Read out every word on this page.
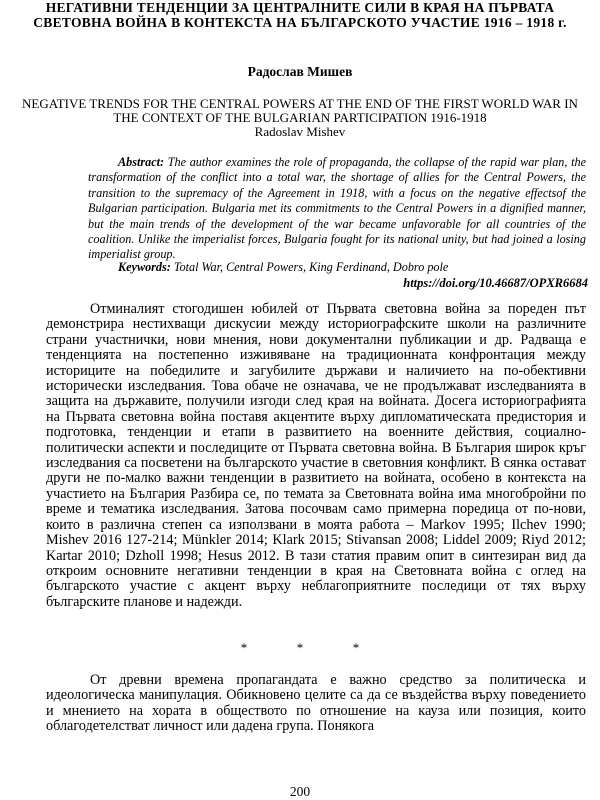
НЕГАТИВНИ ТЕНДЕНЦИИ ЗА ЦЕНТРАЛНИТЕ СИЛИ В КРАЯ НА ПЪРВАТА СВЕТОВНА ВОЙНА В КОНТЕКСТА НА БЪЛГАРСКОТО УЧАСТИЕ 1916 – 1918 г.
Радослав Мишев
NEGATIVE TRENDS FOR THE CENTRAL POWERS AT THE END OF THE FIRST WORLD WAR IN THE CONTEXT OF THE BULGARIAN PARTICIPATION 1916-1918
Radoslav Mishev
Abstract: The author examines the role of propaganda, the collapse of the rapid war plan, the transformation of the conflict into a total war, the shortage of allies for the Central Powers, the transition to the supremacy of the Agreement in 1918, with a focus on the negative effectsof the Bulgarian participation. Bulgaria met its commitments to the Central Powers in a dignified manner, but the main trends of the development of the war became unfavorable for all countries of the coalition. Unlike the imperialist forces, Bulgaria fought for its national unity, but had joined a losing imperialist group.
Keywords: Total War, Central Powers, King Ferdinand, Dobro pole
https://doi.org/10.46687/OPXR6684

Отминалият стогодишен юбилей от Първата световна война за пореден път демонстрира нестихващи дискусии между историографските школи на различните страни участнички, нови мнения, нови документални публикации и др. Радваща е тенденцията на постепенно изживяване на традиционната конфронтация между историците на победилите и загубилите държави и наличието на по-обективни исторически изследвания. Това обаче не означава, че не продължават изследванията в защита на държавите, получили изгоди след края на войната. Досега историографията на Първата световна война поставя акцентите върху дипломатическата предистория и подготовка, тенденции и етапи в развитието на военните действия, социално-политически аспекти и последиците от Първата световна война. В България широк кръг изследвания са посветени на българското участие в световния конфликт. В сянка остават други не по-малко важни тенденции в развитието на войната, особено в контекста на участието на България Разбира се, по темата за Световната война има многобройни по време и тематика изследвания. Затова посочвам само примерна поредица от по-нови, които в различна степен са използвани в моята работа – Markov 1995; Ilchev 1990; Mishev 2016 127-214; Münkler 2014; Klark 2015; Stivansan 2008; Liddel 2009; Riyd 2012; Kartar 2010; Dzholl 1998; Hesus 2012. В тази статия правим опит в синтезиран вид да откроим основните негативни тенденции в края на Световната война с оглед на българското участие с акцент върху неблагоприятните последици от тях върху българските планове и надежди.

*	*	*

От древни времена пропагандата е важно средство за политическа и идеологическа манипулация. Обикновено целите са да се въздейства върху поведението и мнението на хората в обществото по отношение на кауза или позиция, които облагодетелстват личност или дадена група. Понякога

200
